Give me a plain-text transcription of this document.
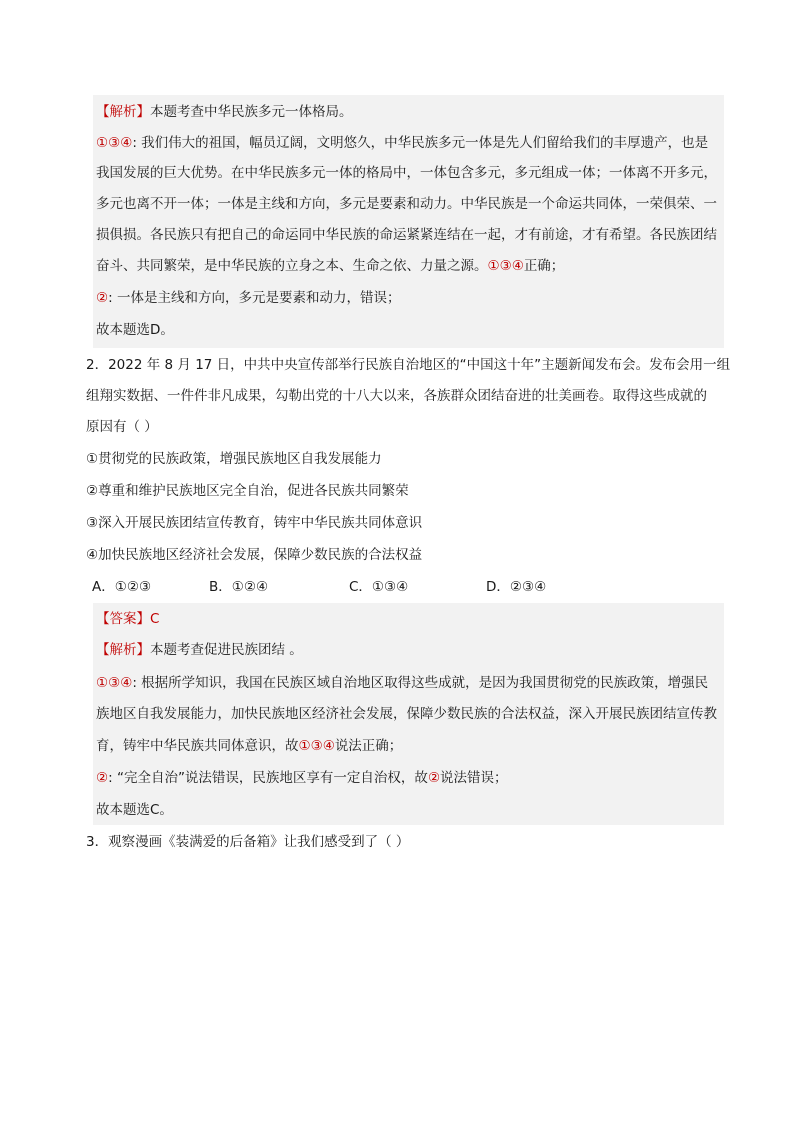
【解析】本题考查中华民族多元一体格局。
①③④: 我们伟大的祖国，幅员辽阔，文明悠久，中华民族多元一体是先人们留给我们的丰厚遗产，也是
我国发展的巨大优势。在中华民族多元一体的格局中，一体包含多元，多元组成一体；一体离不开多元，
多元也离不开一体；一体是主线和方向，多元是要素和动力。中华民族是一个命运共同体，一荣俱荣、一
损俱损。各民族只有把自己的命运同中华民族的命运紧紧连结在一起，才有前途，才有希望。各民族团结
奋斗、共同繁荣，是中华民族的立身之本、生命之依、力量之源。①③④正确；
②: 一体是主线和方向，多元是要素和动力，错误；
故本题选D。
2．2022 年 8 月 17 日，中共中央宣传部举行民族自治地区的“中国这十年”主题新闻发布会。发布会用一组
组翔实数据、一件件非凡成果，勾勒出党的十八大以来，各族群众团结奋进的壮美画卷。取得这些成就的
原因有（ ）
①贯彻党的民族政策，增强民族地区自我发展能力
②尊重和维护民族地区完全自治，促进各民族共同繁荣
③深入开展民族团结宣传教育，铸牢中华民族共同体意识
④加快民族地区经济社会发展，保障少数民族的合法权益
A．①②③	B．①②④	C．①③④	D．②③④
【答案】C
【解析】本题考查促进民族团结 。
①③④: 根据所学知识，我国在民族区域自治地区取得这些成就，是因为我国贯彻党的民族政策，增强民
族地区自我发展能力，加快民族地区经济社会发展，保障少数民族的合法权益，深入开展民族团结宣传教
育，铸牢中华民族共同体意识，故①③④说法正确；
②: “完全自治”说法错误，民族地区享有一定自治权，故②说法错误；
故本题选C。
3．观察漫画《装满爱的后备箱》让我们感受到了（ ）
